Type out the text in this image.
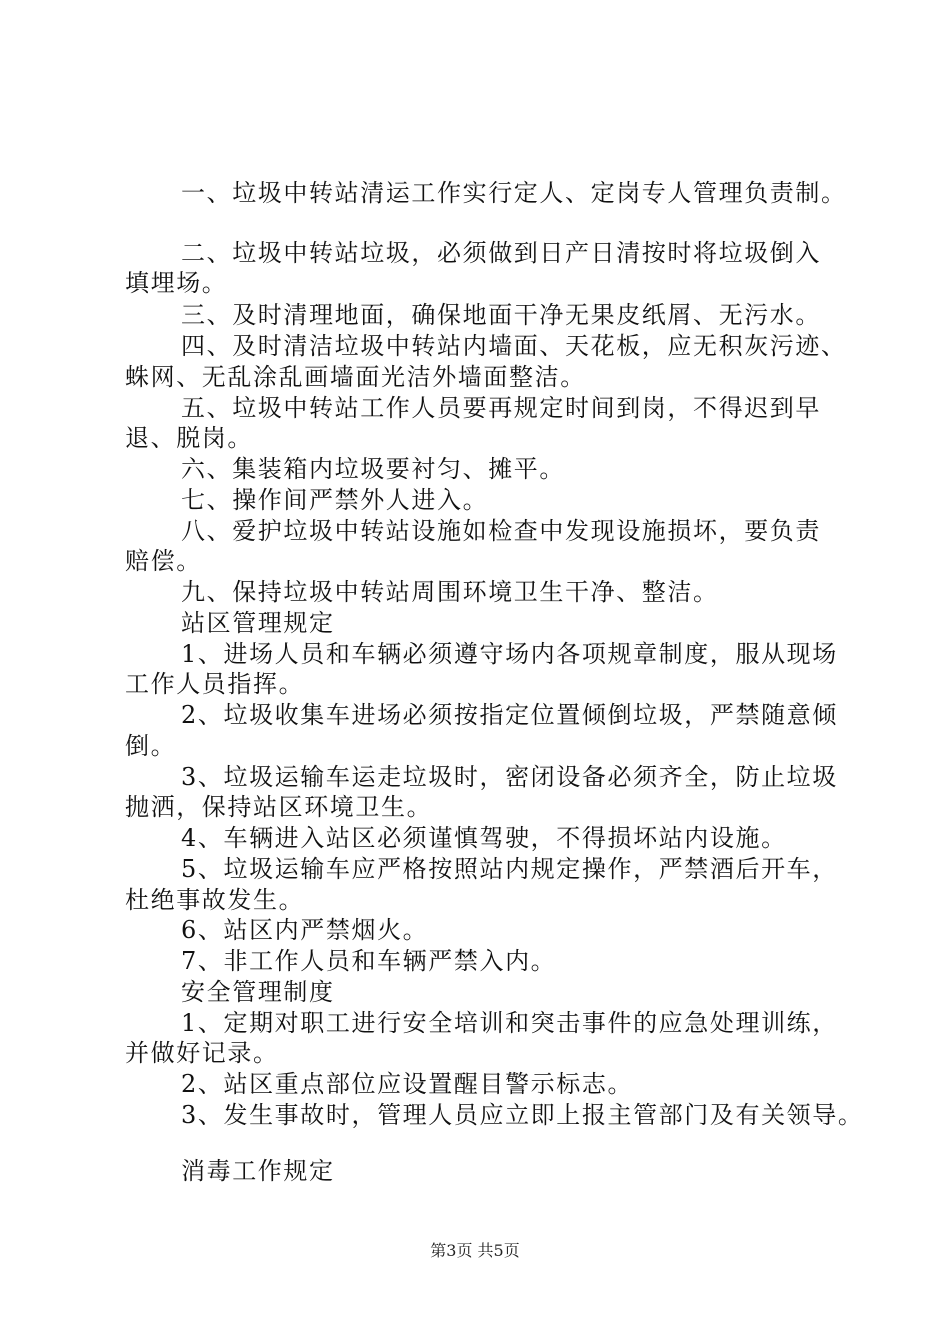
一、垃圾中转站清运工作实行定人、定岗专人管理负责制。
二、垃圾中转站垃圾，必须做到日产日清按时将垃圾倒入
填埋场。
三、及时清理地面，确保地面干净无果皮纸屑、无污水。
四、及时清洁垃圾中转站内墙面、天花板，应无积灰污迹、
蛛网、无乱涂乱画墙面光洁外墙面整洁。
五、垃圾中转站工作人员要再规定时间到岗，不得迟到早
退、脱岗。
六、集装箱内垃圾要衬匀、摊平。
七、操作间严禁外人进入。
八、爱护垃圾中转站设施如检查中发现设施损坏，要负责
赔偿。
九、保持垃圾中转站周围环境卫生干净、整洁。
站区管理规定
1、进场人员和车辆必须遵守场内各项规章制度，服从现场
工作人员指挥。
2、垃圾收集车进场必须按指定位置倾倒垃圾，严禁随意倾
倒。
3、垃圾运输车运走垃圾时，密闭设备必须齐全，防止垃圾
抛洒，保持站区环境卫生。
4、车辆进入站区必须谨慎驾驶，不得损坏站内设施。
5、垃圾运输车应严格按照站内规定操作，严禁酒后开车，
杜绝事故发生。
6、站区内严禁烟火。
7、非工作人员和车辆严禁入内。
安全管理制度
1、定期对职工进行安全培训和突击事件的应急处理训练，
并做好记录。
2、站区重点部位应设置醒目警示标志。
3、发生事故时，管理人员应立即上报主管部门及有关领导。
消毒工作规定
第3页 共5页
